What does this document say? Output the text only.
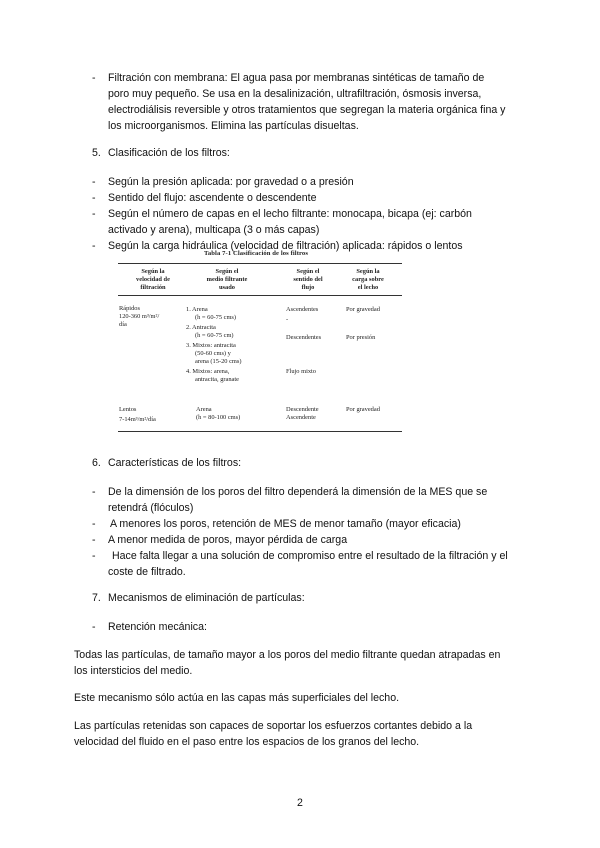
- Filtración con membrana: El agua pasa por membranas sintéticas de tamaño de
poro muy pequeño. Se usa en la desalinización, ultrafiltración, ósmosis inversa,
electrodiálisis reversible y otros tratamientos que segregan la materia orgánica fina y
los microorganismos. Elimina las partículas disueltas.
5. Clasificación de los filtros:
- Según la presión aplicada: por gravedad o a presión
- Sentido del flujo: ascendente o descendente
- Según el número de capas en el lecho filtrante: monocapa, bicapa (ej: carbón
activado y arena), multicapa (3 o más capas)
- Según la carga hidráulica (velocidad de filtración) aplicada: rápidos o lentos
Tabla 7-1 Clasificación de los filtros
Según la
velocidad de
filtración
Según el
medio filtrante
usado
Según el
sentido del
flujo
Según la
carga sobre
el lecho
Rápidos
120-360 m³/m²/
día
1. Arena
(h = 60-75 cms)
2. Antracita
(h = 60-75 cm)
3. Mixtos: antracita
(50-60 cms) y
arena (15-20 cms)
4. Mixtos: arena,
antracita, granate
Ascendentes
-
Descendentes
Flujo mixto
Por gravedad
Por presión
Lentos
7-14m³/m²/día
Arena
(h = 80-100 cms)
Descendente
Ascendente
Por gravedad
6. Características de los filtros:
- De la dimensión de los poros del filtro dependerá la dimensión de la MES que se
retendrá (flóculos)
- A menores los poros, retención de MES de menor tamaño (mayor eficacia)
- A menor medida de poros, mayor pérdida de carga
- Hace falta llegar a una solución de compromiso entre el resultado de la filtración y el
coste de filtrado.
7. Mecanismos de eliminación de partículas:
- Retención mecánica:
Todas las partículas, de tamaño mayor a los poros del medio filtrante quedan atrapadas en
los intersticios del medio.
Este mecanismo sólo actúa en las capas más superficiales del lecho.
Las partículas retenidas son capaces de soportar los esfuerzos cortantes debido a la
velocidad del fluido en el paso entre los espacios de los granos del lecho.
2
